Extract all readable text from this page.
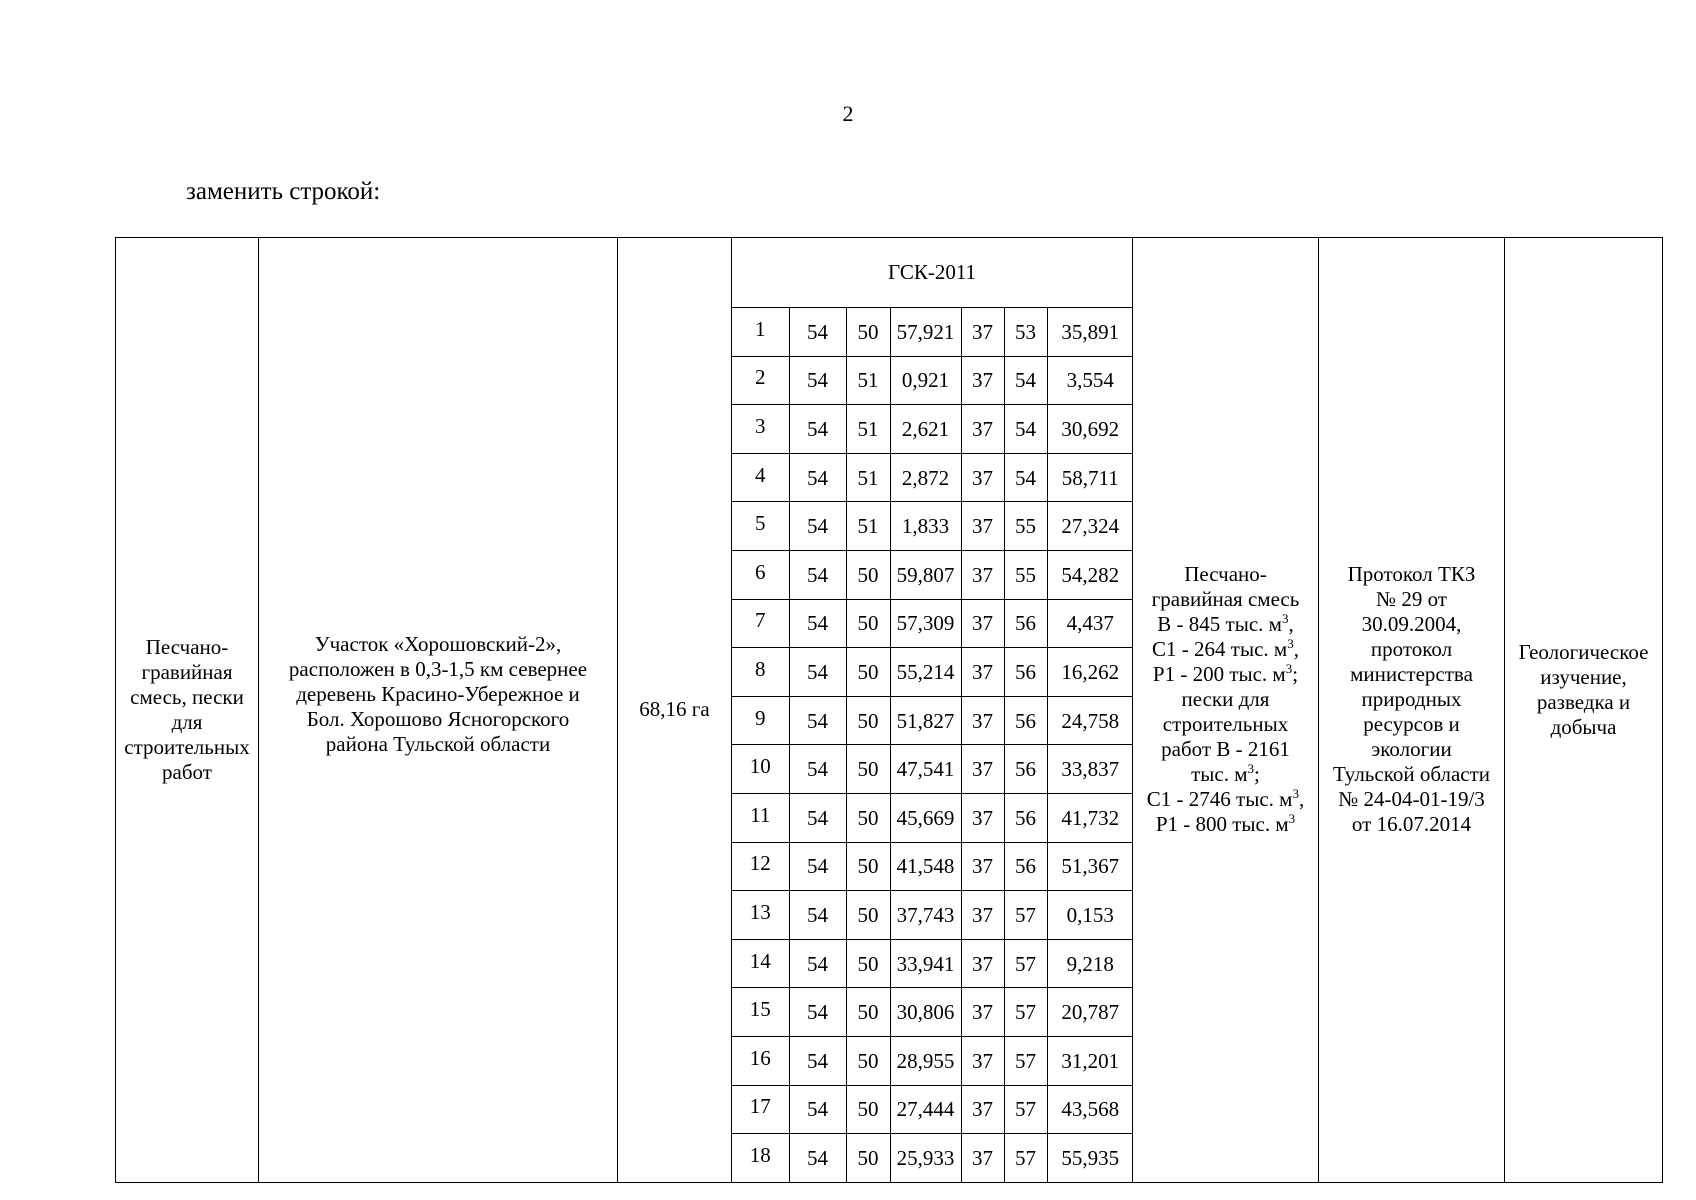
2
заменить строкой:
Песчано-
гравийная
смесь, пески
для
строительных
работ

Участок «Хорошовский-2»,
расположен в 0,3-1,5 км севернее
деревень Красино-Убережное и
Бол. Хорошово Ясногорского
района Тульской области
	68,16 га	
ГСК-2011
1	54	50	57,921	37	53	35,891
2	54	51	0,921	37	54	3,554
3	54	51	2,621	37	54	30,692
4	54	51	2,872	37	54	58,711
5	54	51	1,833	37	55	27,324
6	54	50	59,807	37	55	54,282
7	54	50	57,309	37	56	4,437
8	54	50	55,214	37	56	16,262
9	54	50	51,827	37	56	24,758
10	54	50	47,541	37	56	33,837
11	54	50	45,669	37	56	41,732
12	54	50	41,548	37	56	51,367
13	54	50	37,743	37	57	0,153
14	54	50	33,941	37	57	9,218
15	54	50	30,806	37	57	20,787
16	54	50	28,955	37	57	31,201
17	54	50	27,444	37	57	43,568
18	54	50	25,933	37	57	55,935

Песчано-
гравийная смесь
В - 845 тыс. $м^3$,
С1 - 264 тыс. $м^3$,
Р1 - 200 тыс. $м^3$;
пески для
строительных
работ В - 2161
тыс. $м^3$;
С1 - 2746 тыс. $м^3$,
Р1 - 800 тыс. $м^3$

Протокол ТКЗ
№ 29 от
30.09.2004,
протокол
министерства
природных
ресурсов и
экологии
Тульской области
№ 24-04-01-19/3
от 16.07.2014

Геологическое
изучение,
разведка и
добыча
